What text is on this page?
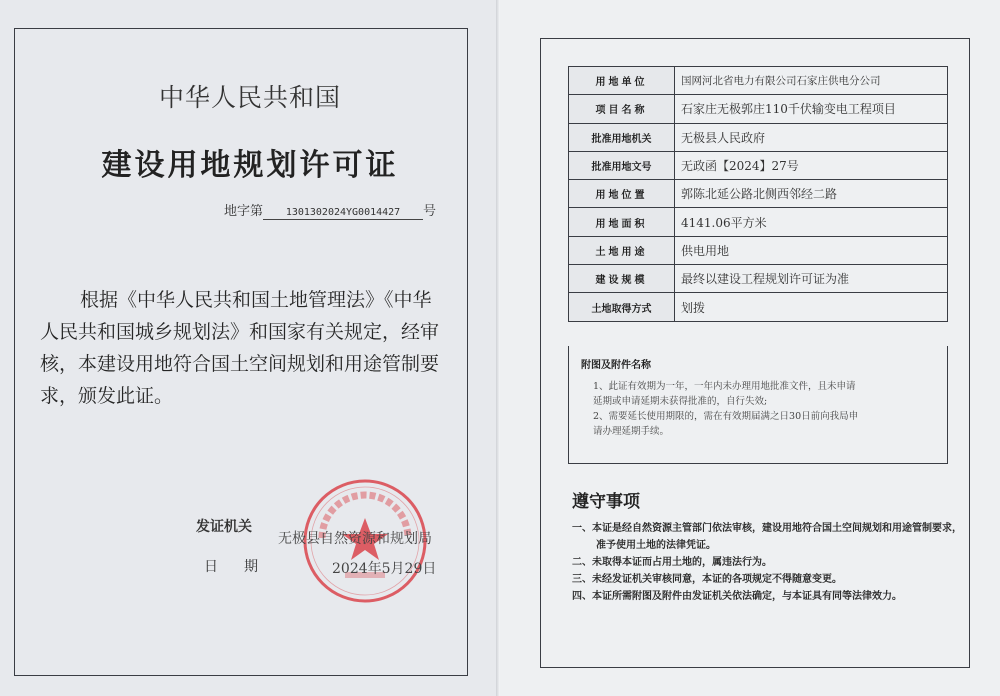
中华人民共和国
建设用地规划许可证
地字第 1301302024YG0014427 号
根据《中华人民共和国土地管理法》《中华人民共和国城乡规划法》和国家有关规定，经审核，本建设用地符合国土空间规划和用途管制要求，颁发此证。
发证机关
无极县自然资源和规划局
日期	2024年5月29日
用地单位	国网河北省电力有限公司石家庄供电分公司
项目名称	石家庄无极郭庄110千伏输变电工程项目
批准用地机关	无极县人民政府
批准用地文号	无政函【2024】27号
用地位置	郭陈北延公路北侧西邻经二路
用地面积	4141.06平方米
土地用途	供电用地
建设规模	最终以建设工程规划许可证为准
土地取得方式	划拨
附图及附件名称
1、此证有效期为一年，一年内未办理用地批准文件，且未申请
延期或申请延期未获得批准的，自行失效;
2、需要延长使用期限的，需在有效期届满之日30日前向我局申
请办理延期手续。
遵守事项
一、本证是经自然资源主管部门依法审核，建设用地符合国土空间规划和用途管制要求，准予使用土地的法律凭证。
二、未取得本证而占用土地的，属违法行为。
三、未经发证机关审核同意，本证的各项规定不得随意变更。
四、本证所需附图及附件由发证机关依法确定，与本证具有同等法律效力。
